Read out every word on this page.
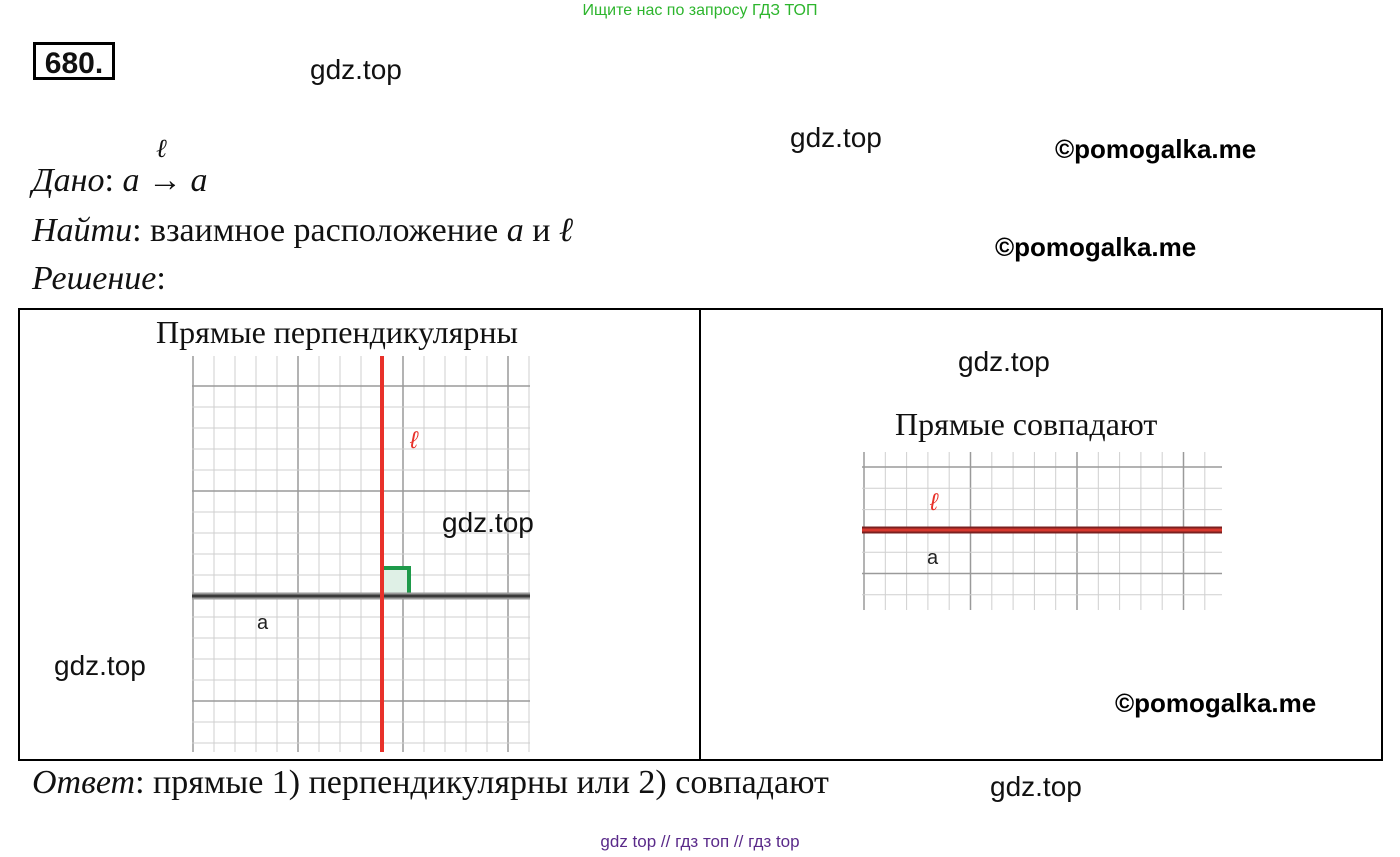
Ищите нас по запросу ГДЗ ТОП
680.	gdz.top
gdz.top	©pomogalka.me
©pomogalka.me
Дано: a
ℓ
→ a
Найти: взаимное расположение a и ℓ
Решение:
Прямые перпендикулярны
ℓ
a
gdz.top
gdz.top
gdz.top
Прямые совпадают
ℓ
a
©pomogalka.me
Ответ: прямые 1) перпендикулярны или 2) совпадают	gdz.top
gdz top // гдз топ // гдз top
